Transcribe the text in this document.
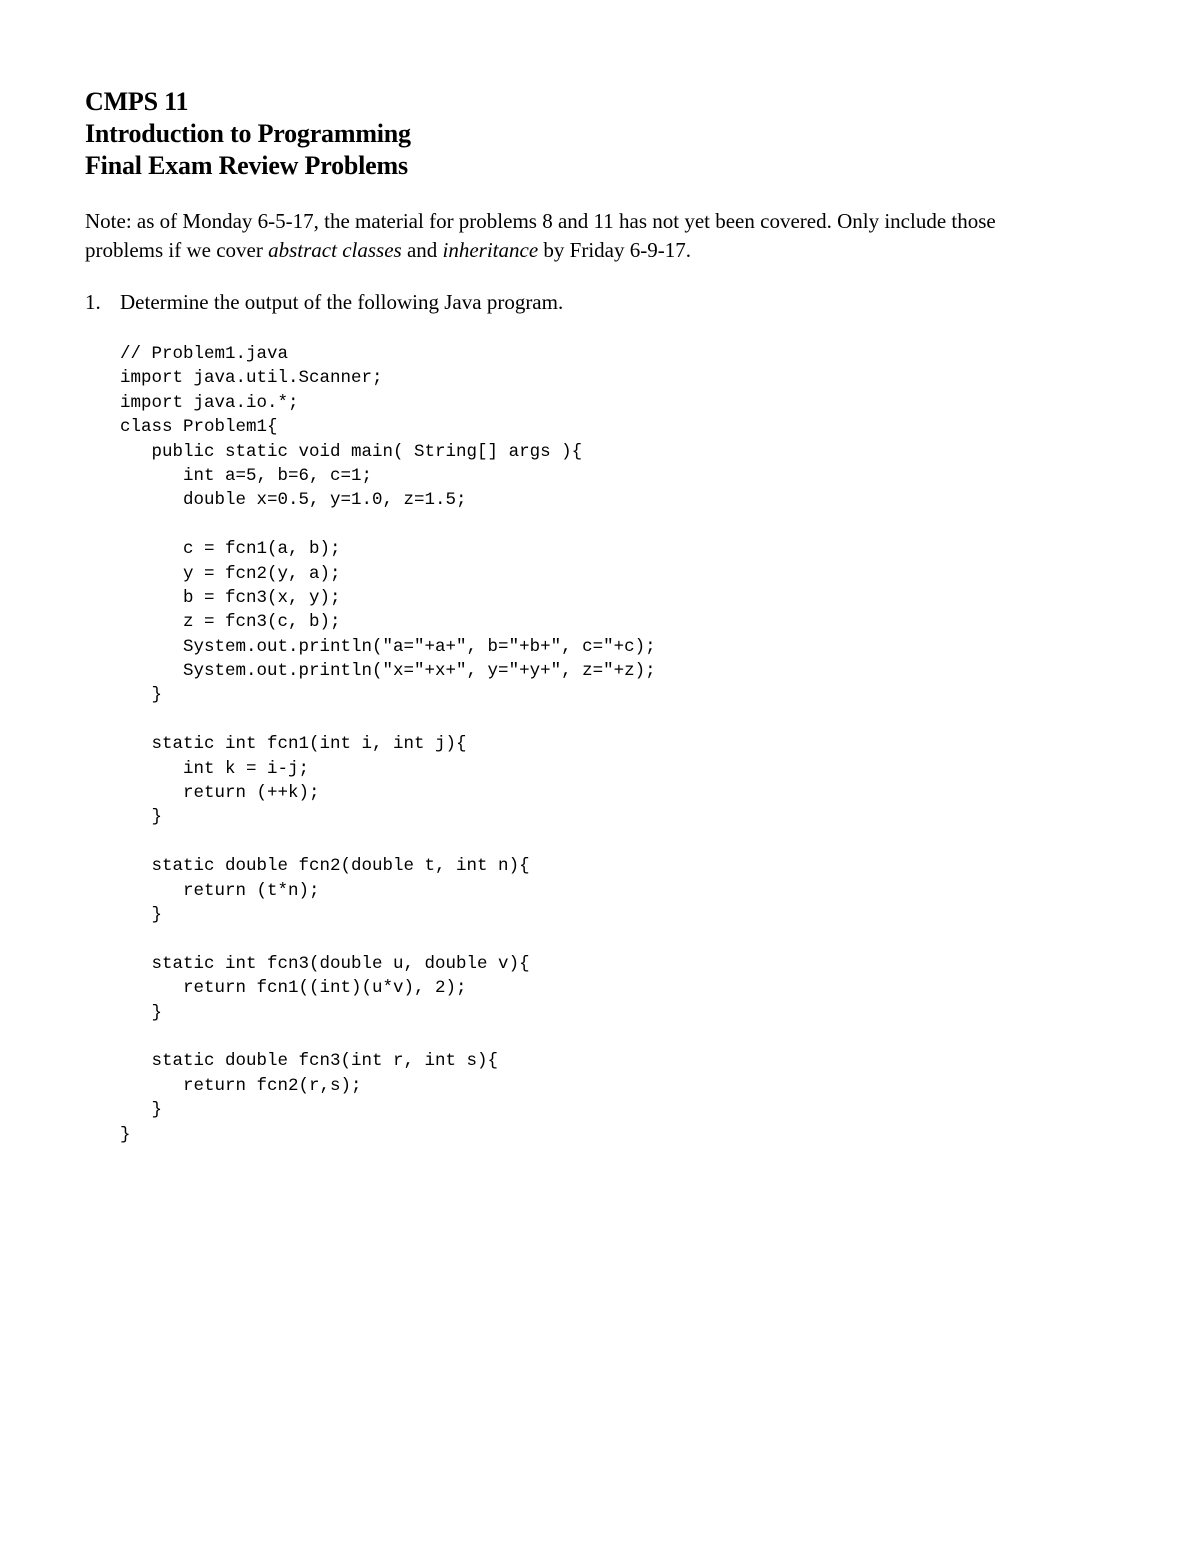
CMPS 11
Introduction to Programming
Final Exam Review Problems
Note: as of Monday 6-5-17, the material for problems 8 and 11 has not yet been covered. Only include those
problems if we cover abstract classes and inheritance by Friday 6-9-17.
1. Determine the output of the following Java program.
// Problem1.java
import java.util.Scanner;
import java.io.*;
class Problem1{
public static void main( String[] args ){
int a=5, b=6, c=1;
double x=0.5, y=1.0, z=1.5;
c = fcn1(a, b);
y = fcn2(y, a);
b = fcn3(x, y);
z = fcn3(c, b);
System.out.println("a="+a+", b="+b+", c="+c);
System.out.println("x="+x+", y="+y+", z="+z);
}
static int fcn1(int i, int j){
int k = i-j;
return (++k);
}
static double fcn2(double t, int n){
return (t*n);
}
static int fcn3(double u, double v){
return fcn1((int)(u*v), 2);
}
static double fcn3(int r, int s){
return fcn2(r,s);
}
}
